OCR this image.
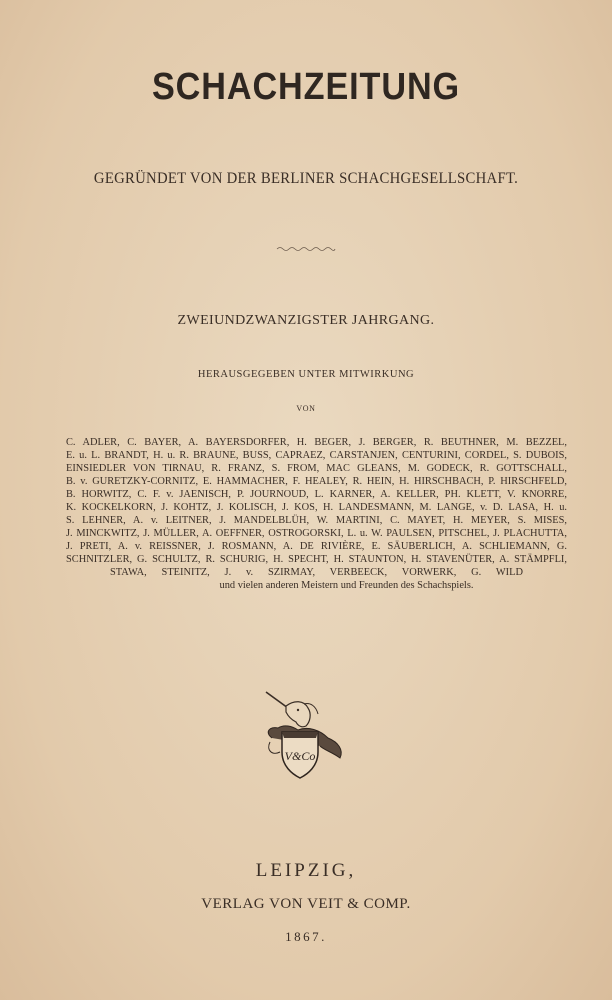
SCHACHZEITUNG
GEGRÜNDET VON DER BERLINER SCHACHGESELLSCHAFT.
ZWEIUNDZWANZIGSTER JAHRGANG.
HERAUSGEGEBEN UNTER MITWIRKUNG
VON
C. ADLER, C. BAYER, A. BAYERSDORFER, H. BEGER, J. BERGER, R. BEUTHNER, M. BEZZEL,
E. u. L. BRANDT, H. u. R. BRAUNE, BUSS, CAPRAEZ, CARSTANJEN, CENTURINI, CORDEL, S. DUBOIS,
EINSIEDLER VON TIRNAU, R. FRANZ, S. FROM, MAC GLEANS, M. GODECK, R. GOTTSCHALL,
B. v. GURETZKY-CORNITZ, E. HAMMACHER, F. HEALEY, R. HEIN, H. HIRSCHBACH, P. HIRSCHFELD,
B. HORWITZ, C. F. v. JAENISCH, P. JOURNOUD, L. KARNER, A. KELLER, PH. KLETT, V. KNORRE,
K. KOCKELKORN, J. KOHTZ, J. KOLISCH, J. KOS, H. LANDESMANN, M. LANGE, v. D. LASA, H. u.
S. LEHNER, A. v. LEITNER, J. MANDELBLÜH, W. MARTINI, C. MAYET, H. MEYER, S. MISES,
J. MINCKWITZ, J. MÜLLER, A. OEFFNER, OSTROGORSKI, L. u. W. PAULSEN, PITSCHEL, J. PLACHUTTA,
J. PRETI, A. v. REISSNER, J. ROSMANN, A. DE RIVIÈRE, E. SÄUBERLICH, A. SCHLIEMANN, G.
SCHNITZLER, G. SCHULTZ, R. SCHURIG, H. SPECHT, H. STAUNTON, H. STAVENÜTER, A. STÄMPFLI,
STAWA, STEINITZ, J. v. SZIRMAY, VERBEECK, VORWERK, G. WILD
und vielen anderen Meistern und Freunden des Schachspiels.
V&Co
LEIPZIG,
VERLAG VON VEIT & COMP.
1867.
